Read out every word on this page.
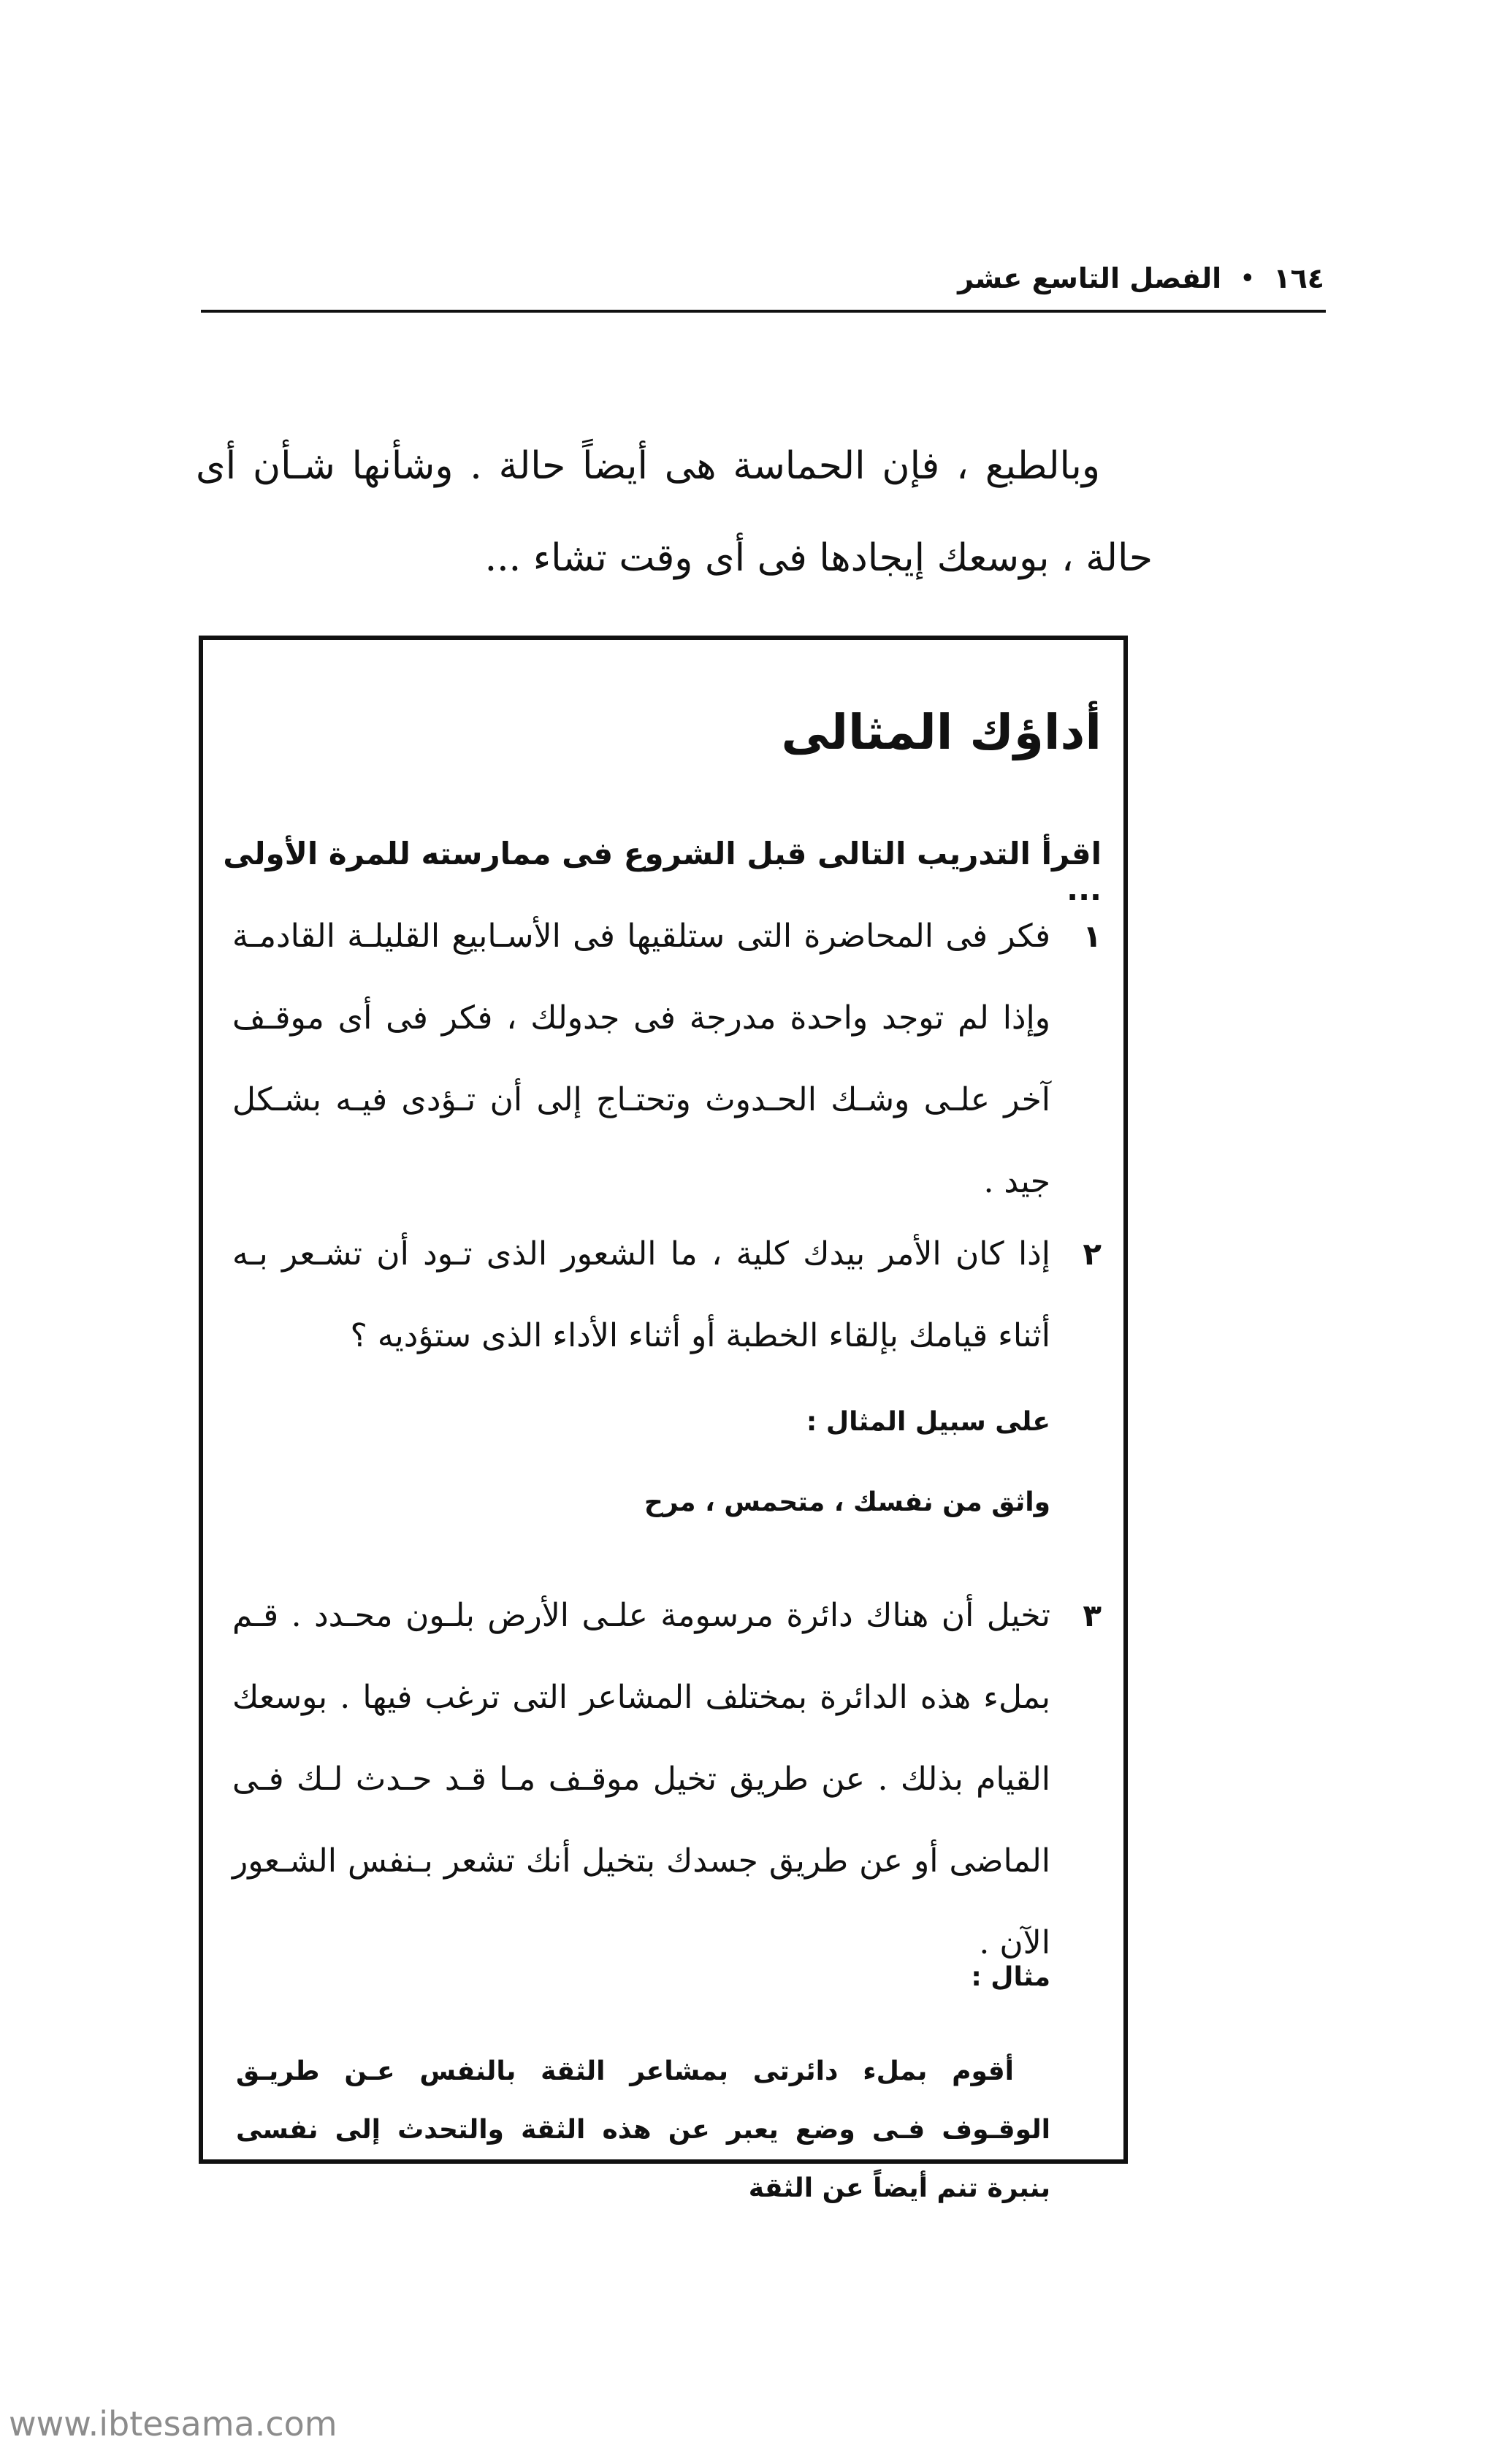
١٦٤
•
الفصل التاسع عشر

وبالطبع ، فإن الحماسة هى أيضاً حالة . وشأنها شـأن أى حالة ، بوسعك إيجادها فى أى وقت تشاء ...

أداؤك المثالى

اقرأ التدريب التالى قبل الشروع فى ممارسته للمرة الأولى ...

١

فكر فى المحاضرة التى ستلقيها فى الأسـابيع القليلـة القادمـة وإذا لم توجد واحدة مدرجة فى جدولك ، فكر فى أى موقـف آخر علـى وشـك الحـدوث وتحتـاج إلى أن تـؤدى فيـه بشـكل جيد .

٢

إذا كان الأمر بيدك كلية ، ما الشعور الذى تـود أن تشـعر بـه أثناء قيامك بإلقاء الخطبة أو أثناء الأداء الذى ستؤديه ؟

على سبيل المثال :

واثق من نفسك ، متحمس ، مرح

٣

تخيل أن هناك دائرة مرسومة علـى الأرض بلـون محـدد . قـم بملء هذه الدائرة بمختلف المشاعر التى ترغب فيها . بوسعك القيام بذلك . عن طريق تخيل موقـف مـا قـد حـدث لـك فـى الماضى أو عن طريق جسدك بتخيل أنك تشعر بـنفس الشـعور الآن .

مثال :

أقوم بملء دائرتى بمشاعر الثقة بالنفس عـن طريـق الوقـوف فـى وضع يعبر عن هذه الثقة والتحدث إلى نفسى بنبرة تنم أيضاً عن الثقة

www.ibtesama.com
